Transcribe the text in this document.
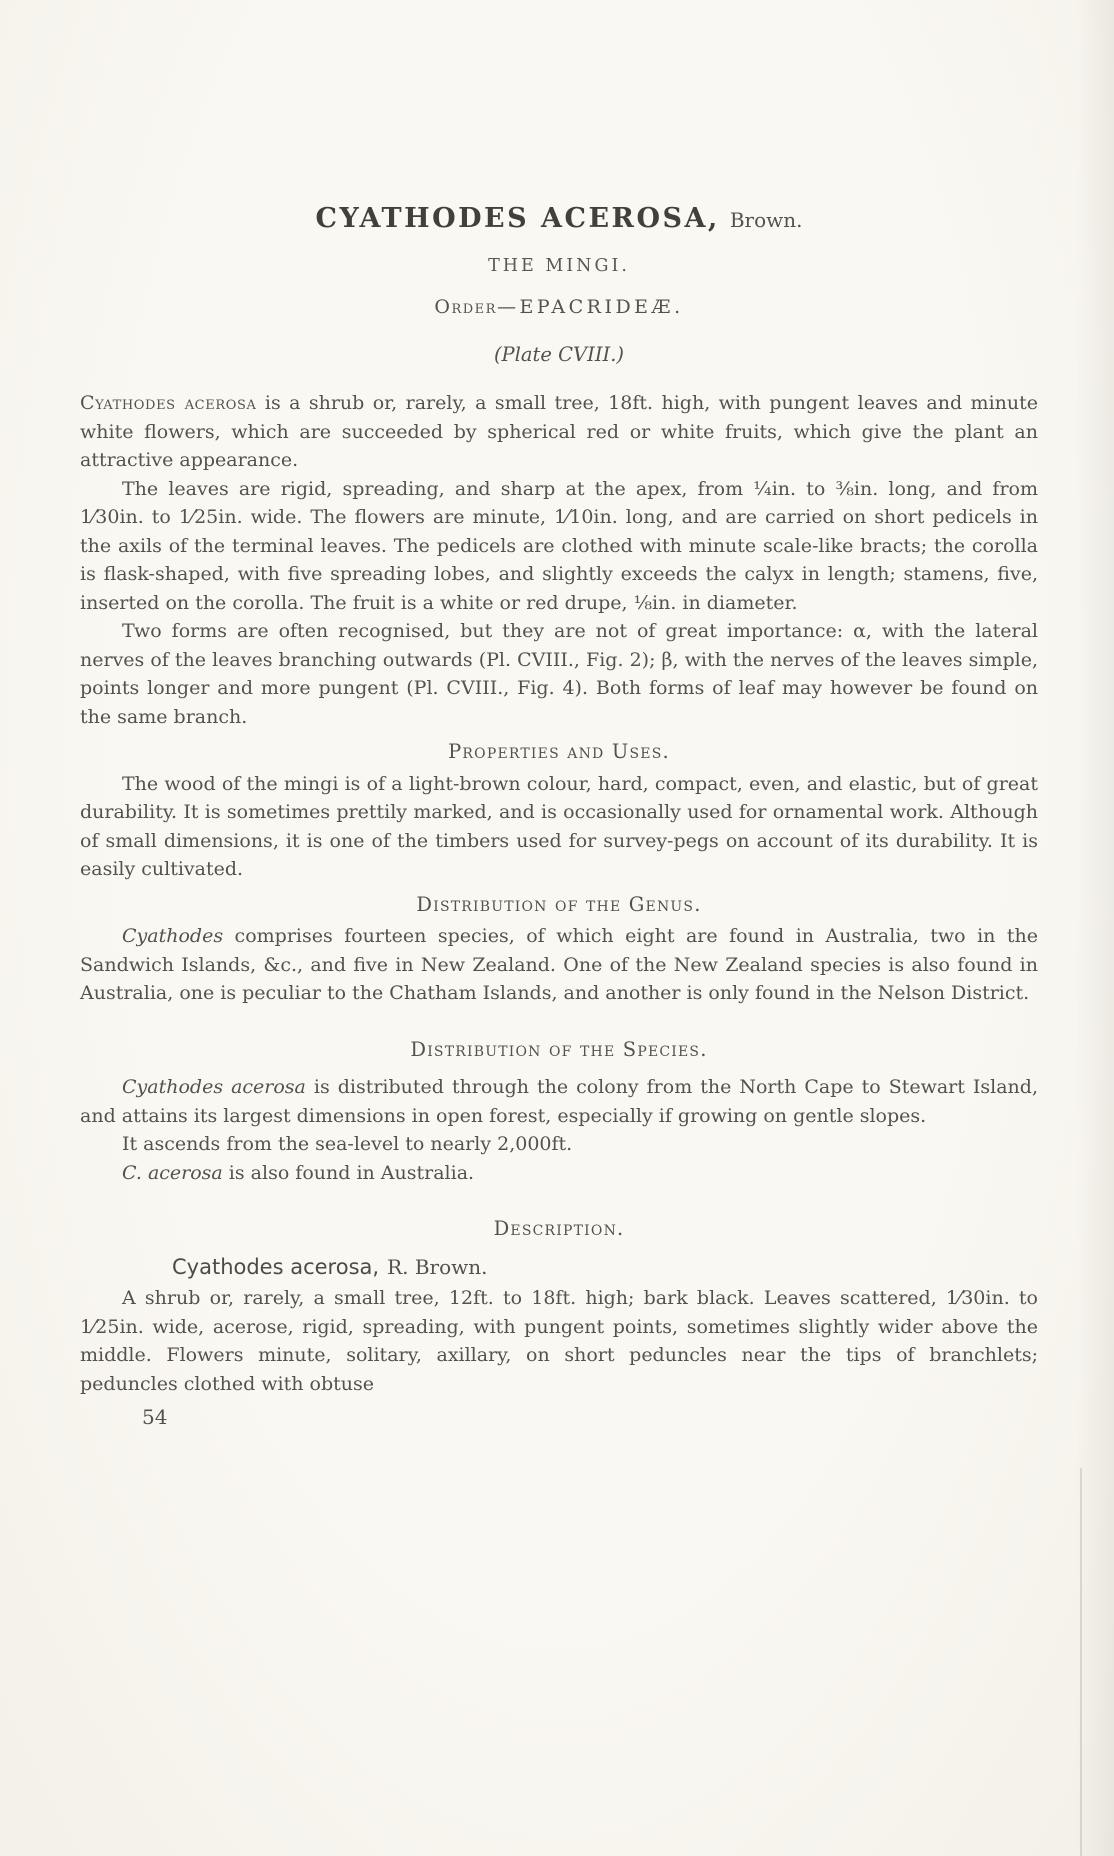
CYATHODES ACEROSA, Brown.
THE MINGI.
Order—EPACRIDEÆ.
(Plate CVIII.)

Cyathodes acerosa is a shrub or, rarely, a small tree, 18ft. high, with pungent leaves and minute white flowers, which are succeeded by spherical red or white fruits, which give the plant an attractive appearance.

The leaves are rigid, spreading, and sharp at the apex, from ¼in. to ⅜in. long, and from 1⁄30in. to 1⁄25in. wide. The flowers are minute, 1⁄10in. long, and are carried on short pedicels in the axils of the terminal leaves. The pedicels are clothed with minute scale-like bracts; the corolla is flask-shaped, with five spreading lobes, and slightly exceeds the calyx in length; stamens, five, inserted on the corolla. The fruit is a white or red drupe, ⅛in. in diameter.

Two forms are often recognised, but they are not of great importance: α, with the lateral nerves of the leaves branching outwards (Pl. CVIII., Fig. 2); β, with the nerves of the leaves simple, points longer and more pungent (Pl. CVIII., Fig. 4). Both forms of leaf may however be found on the same branch.

Properties and Uses.

The wood of the mingi is of a light-brown colour, hard, compact, even, and elastic, but of great durability. It is sometimes prettily marked, and is occasionally used for ornamental work. Although of small dimensions, it is one of the timbers used for survey-pegs on account of its durability. It is easily cultivated.

Distribution of the Genus.

Cyathodes comprises fourteen species, of which eight are found in Australia, two in the Sandwich Islands, &c., and five in New Zealand. One of the New Zealand species is also found in Australia, one is peculiar to the Chatham Islands, and another is only found in the Nelson District.

Distribution of the Species.

Cyathodes acerosa is distributed through the colony from the North Cape to Stewart Island, and attains its largest dimensions in open forest, especially if growing on gentle slopes.

It ascends from the sea-level to nearly 2,000ft.

C. acerosa is also found in Australia.

Description.

Cyathodes acerosa, R. Brown.

A shrub or, rarely, a small tree, 12ft. to 18ft. high; bark black. Leaves scattered, 1⁄30in. to 1⁄25in. wide, acerose, rigid, spreading, with pungent points, sometimes slightly wider above the middle. Flowers minute, solitary, axillary, on short peduncles near the tips of branchlets; peduncles clothed with obtuse

54
